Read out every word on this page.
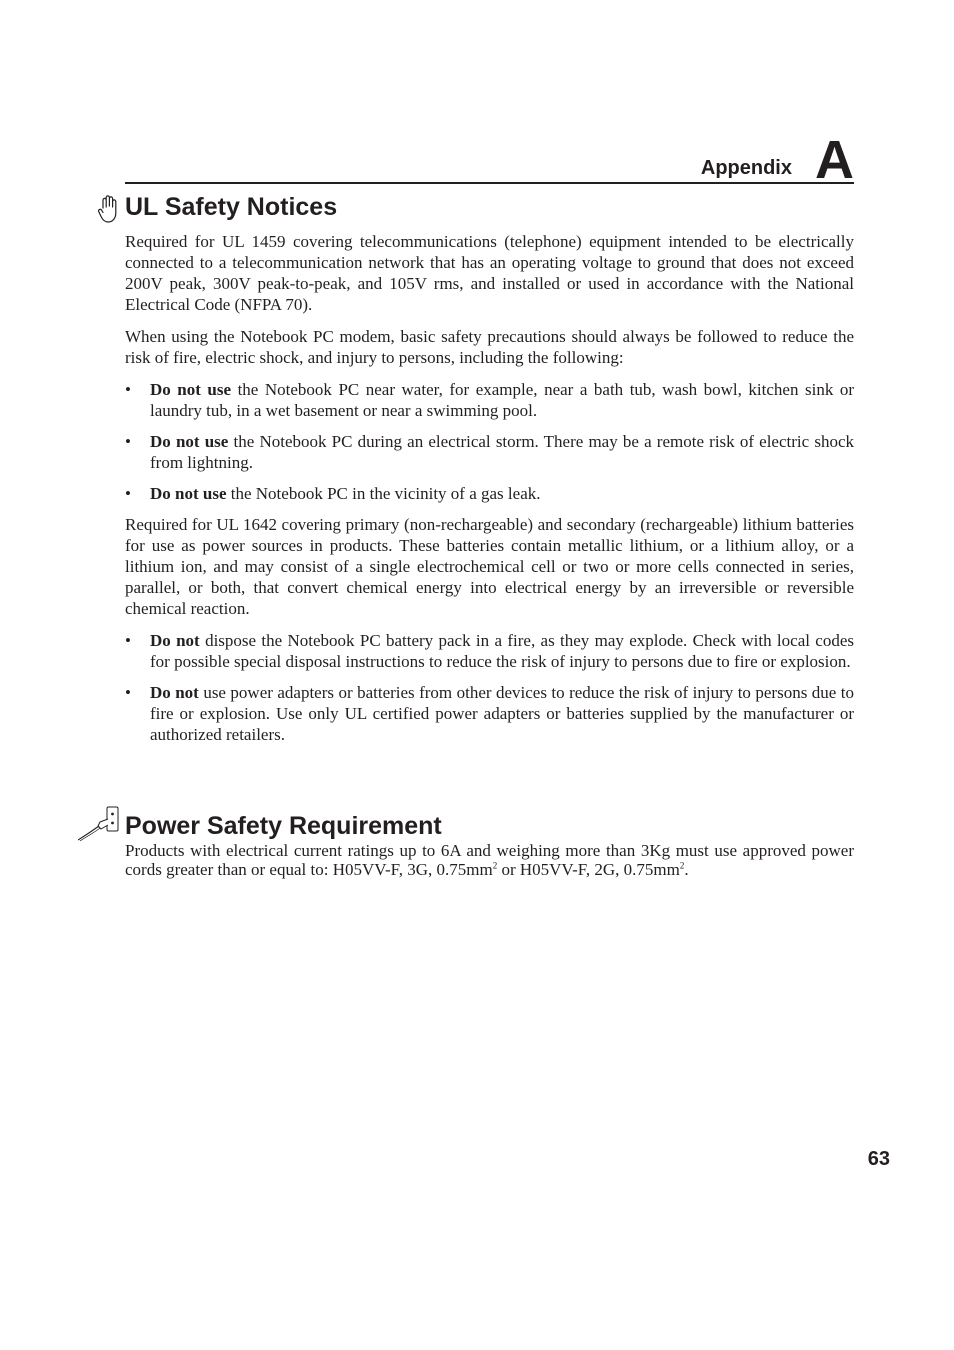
Appendix A
UL Safety Notices

Required for UL 1459 covering telecommunications (telephone) equipment intended to be electrically connected to a telecommunication network that has an operating voltage to ground that does not exceed 200V peak, 300V peak-to-peak, and 105V rms, and installed or used in accordance with the National Electrical Code (NFPA 70).

When using the Notebook PC modem, basic safety precautions should always be followed to reduce the risk of fire, electric shock, and injury to persons, including the following:

• Do not use the Notebook PC near water, for example, near a bath tub, wash bowl, kitchen sink or laundry tub, in a wet basement or near a swimming pool.
• Do not use the Notebook PC during an electrical storm. There may be a remote risk of electric shock from lightning.
• Do not use the Notebook PC in the vicinity of a gas leak.

Required for UL 1642 covering primary (non-rechargeable) and secondary (rechargeable) lithium batteries for use as power sources in products. These batteries contain metallic lithium, or a lithium alloy, or a lithium ion, and may consist of a single electrochemical cell or two or more cells connected in series, parallel, or both, that convert chemical energy into electrical energy by an irreversible or reversible chemical reaction.

• Do not dispose the Notebook PC battery pack in a fire, as they may explode. Check with local codes for possible special disposal instructions to reduce the risk of injury to persons due to fire or explosion.
• Do not use power adapters or batteries from other devices to reduce the risk of injury to persons due to fire or explosion. Use only UL certified power adapters or batteries supplied by the manufacturer or authorized retailers.
Power Safety Requirement

Products with electrical current ratings up to 6A and weighing more than 3Kg must use approved power cords greater than or equal to: H05VV-F, 3G, $0.75mm^2$ or H05VV-F, 2G, $0.75mm^2$.

63
